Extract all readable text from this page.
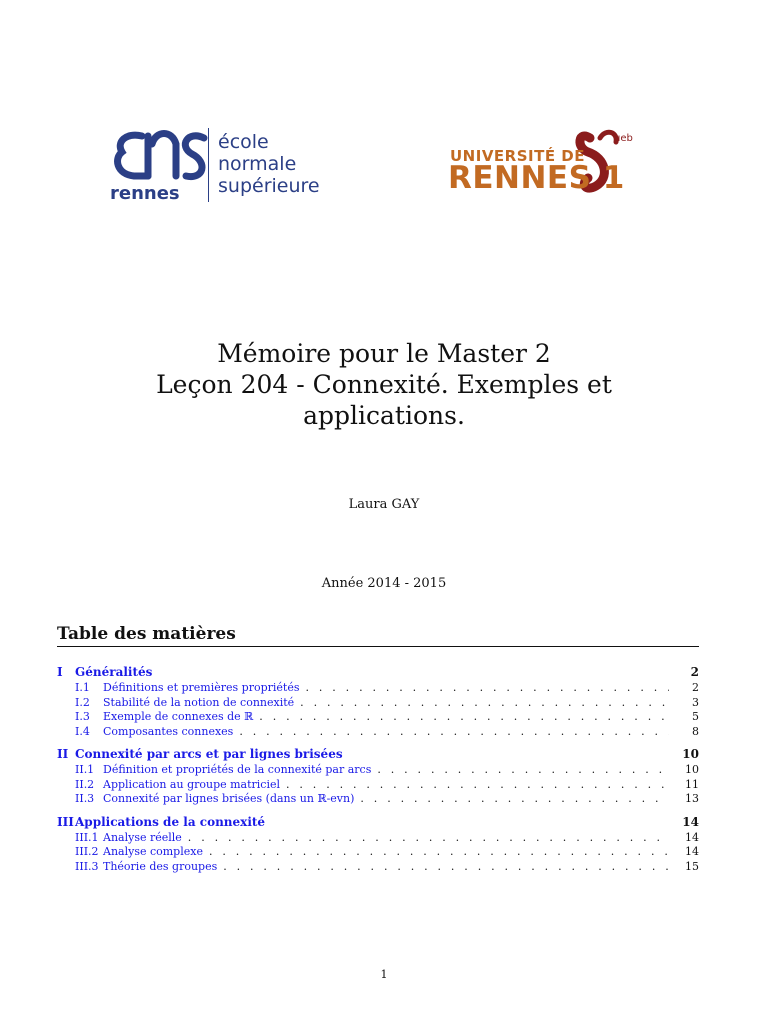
école
normale
supérieure
rennes
UNIVERSITÉ DE
RENNES 1
ueb
Mémoire pour le Master 2
Leçon 204 - Connexité. Exemples et
applications.
Laura GAY
Année 2014 - 2015
Table des matières
I	Généralités	2
I.1	Définitions et premières propriétés . . .	2
I.2	Stabilité de la notion de connexité . . .	3
I.3	Exemple de connexes de ℝ . . .	5
I.4	Composantes connexes . . .	8
II Connexité par arcs et par lignes brisées	10
II.1 Définition et propriétés de la connexité par arcs . . .	10
II.2 Application au groupe matriciel . . .	11
II.3 Connexité par lignes brisées (dans un ℝ-evn) . . .	13
III Applications de la connexité	14
III.1 Analyse réelle . . .	14
III.2 Analyse complexe . . .	14
III.3 Théorie des groupes . . .	15
1
